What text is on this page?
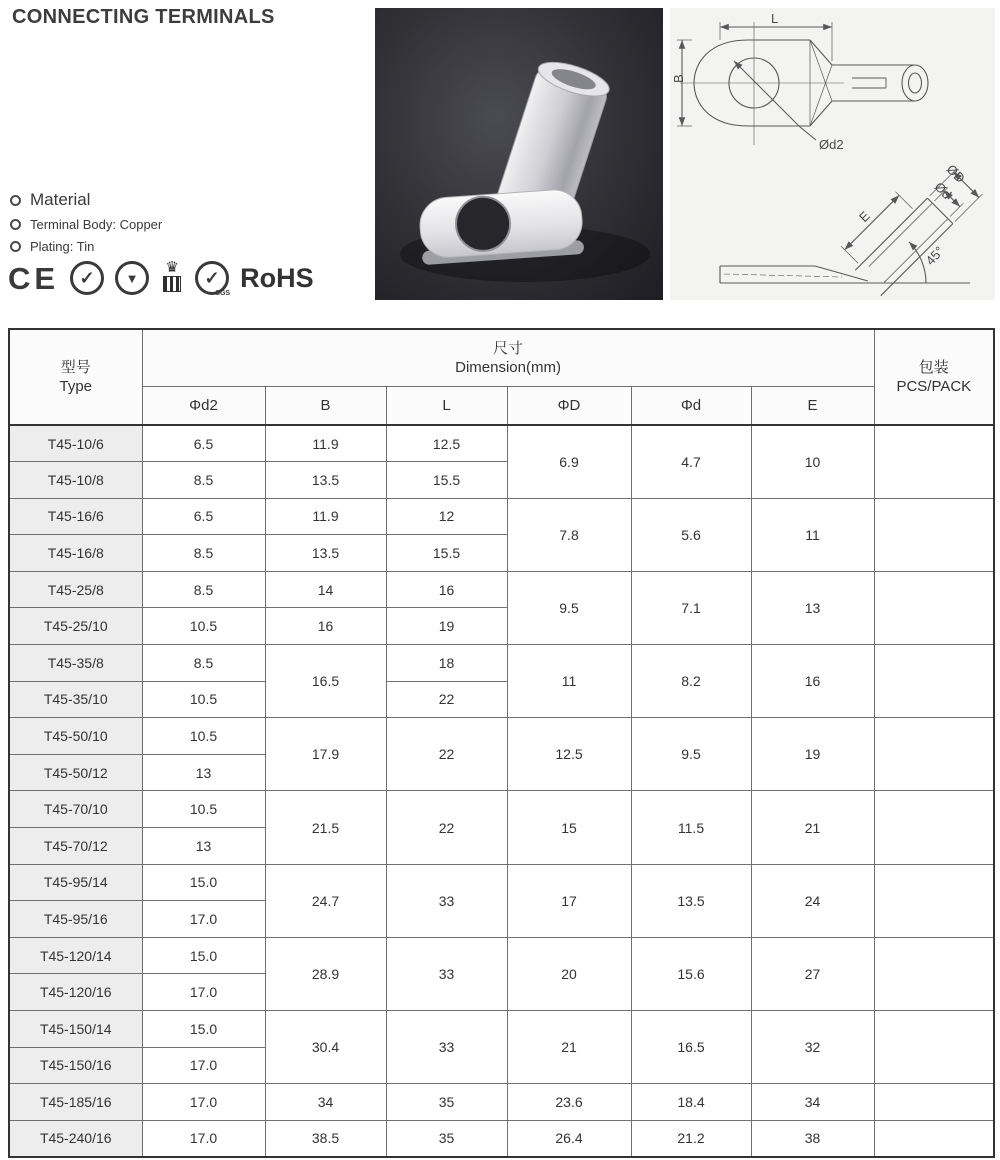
CONNECTING TERMINALS
Material
Terminal Body: Copper
Plating: Tin
CE ✓ ▼
♛
✓
SGS
RoHS
L
B
Ød2
E
Ød
ØD
45°
型号
Type

尺寸
Dimension(mm)	包装
PCS/PACK

	Φd2	B	L	ΦD	Φd	E	
T45-10/6	6.5	11.9	12.5	6.9	4.7	10	
T45-10/8	8.5	13.5	15.5				
T45-16/6	6.5	11.9	12	7.8	5.6	11	
T45-16/8	8.5	13.5	15.5				
T45-25/8	8.5	14	16	9.5	7.1	13	
T45-25/10	10.5	16	19				
T45-35/8	8.5	16.5	18	11	8.2	16	
T45-35/10	10.5		22				
T45-50/10	10.5	17.9	22	12.5	9.5	19	
T45-50/12	13						
T45-70/10	10.5	21.5	22	15	11.5	21	
T45-70/12	13						
T45-95/14	15.0	24.7	33	17	13.5	24	
T45-95/16	17.0						
T45-120/14	15.0	28.9	33	20	15.6	27	
T45-120/16	17.0						
T45-150/14	15.0	30.4	33	21	16.5	32	
T45-150/16	17.0						
T45-185/16	17.0	34	35	23.6	18.4	34	
T45-240/16	17.0	38.5	35	26.4	21.2	38	
